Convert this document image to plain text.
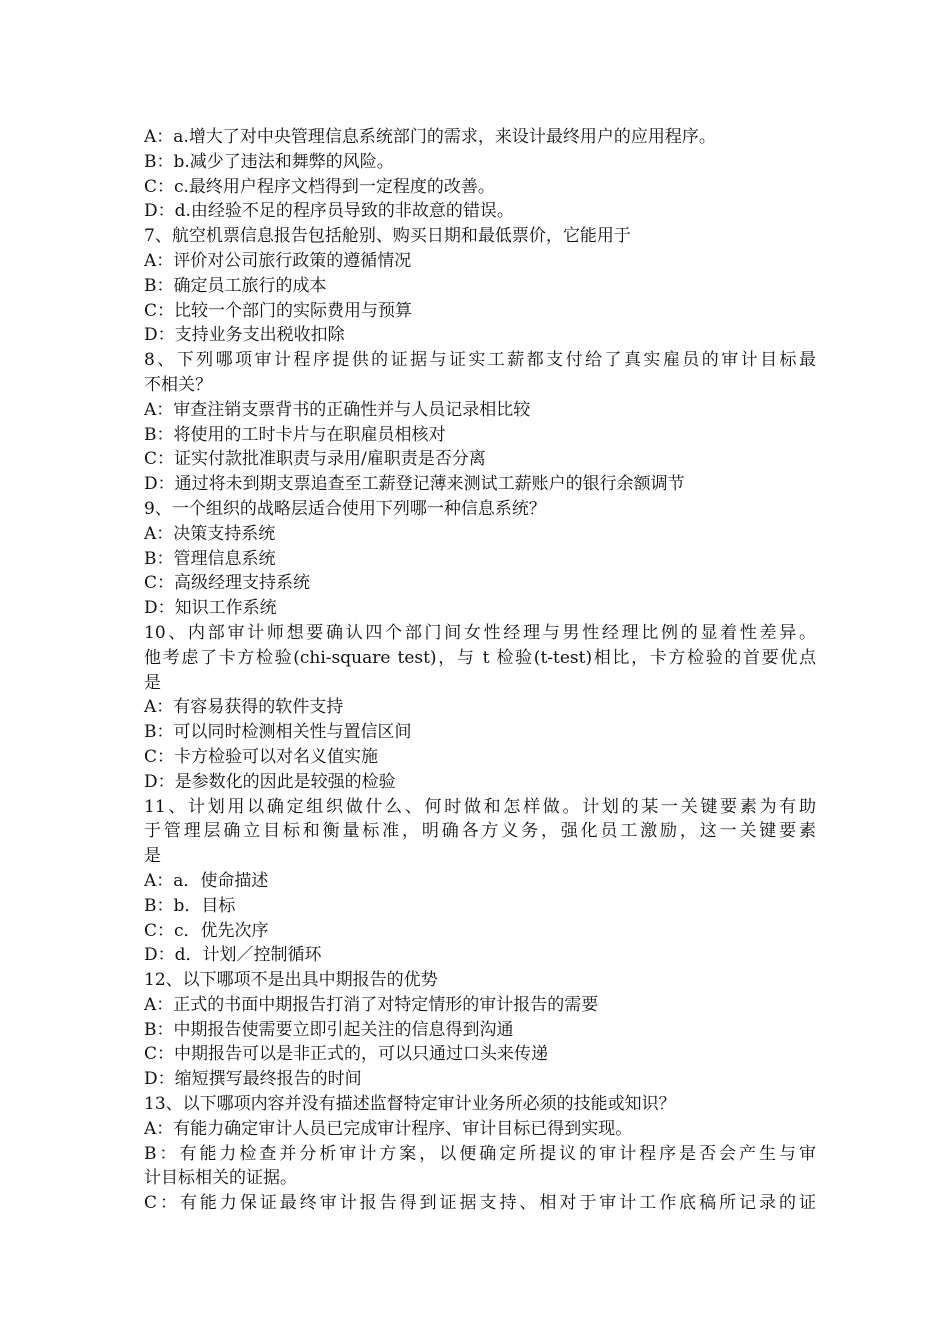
A：a.增大了对中央管理信息系统部门的需求，来设计最终用户的应用程序。
B：b.减少了违法和舞弊的风险。
C：c.最终用户程序文档得到一定程度的改善。
D：d.由经验不足的程序员导致的非故意的错误。
7、航空机票信息报告包括舱别、购买日期和最低票价，它能用于
A：评价对公司旅行政策的遵循情况
B：确定员工旅行的成本
C：比较一个部门的实际费用与预算
D：支持业务支出税收扣除
8、下列哪项审计程序提供的证据与证实工薪都支付给了真实雇员的审计目标最
不相关？
A：审查注销支票背书的正确性并与人员记录相比较
B：将使用的工时卡片与在职雇员相核对
C：证实付款批准职责与录用/雇职责是否分离
D：通过将未到期支票追查至工薪登记薄来测试工薪账户的银行余额调节
9、一个组织的战略层适合使用下列哪一种信息系统？
A：决策支持系统
B：管理信息系统
C：高级经理支持系统
D：知识工作系统
10、内部审计师想要确认四个部门间女性经理与男性经理比例的显着性差异。
他考虑了卡方检验(chi-square test)，与 t 检验(t-test)相比，卡方检验的首要优点
是
A：有容易获得的软件支持
B：可以同时检测相关性与置信区间
C：卡方检验可以对名义值实施
D：是参数化的因此是较强的检验
11、计划用以确定组织做什么、何时做和怎样做。计划的某一关键要素为有助
于管理层确立目标和衡量标准，明确各方义务，强化员工激励，这一关键要素
是
A：a．使命描述
B：b．目标
C：c．优先次序
D：d．计划／控制循环
12、以下哪项不是出具中期报告的优势
A：正式的书面中期报告打消了对特定情形的审计报告的需要
B：中期报告使需要立即引起关注的信息得到沟通
C：中期报告可以是非正式的，可以只通过口头来传递
D：缩短撰写最终报告的时间
13、以下哪项内容并没有描述监督特定审计业务所必须的技能或知识？
A：有能力确定审计人员已完成审计程序、审计目标已得到实现。
B：有能力检查并分析审计方案，以便确定所提议的审计程序是否会产生与审
计目标相关的证据。
C：有能力保证最终审计报告得到证据支持、相对于审计工作底稿所记录的证
